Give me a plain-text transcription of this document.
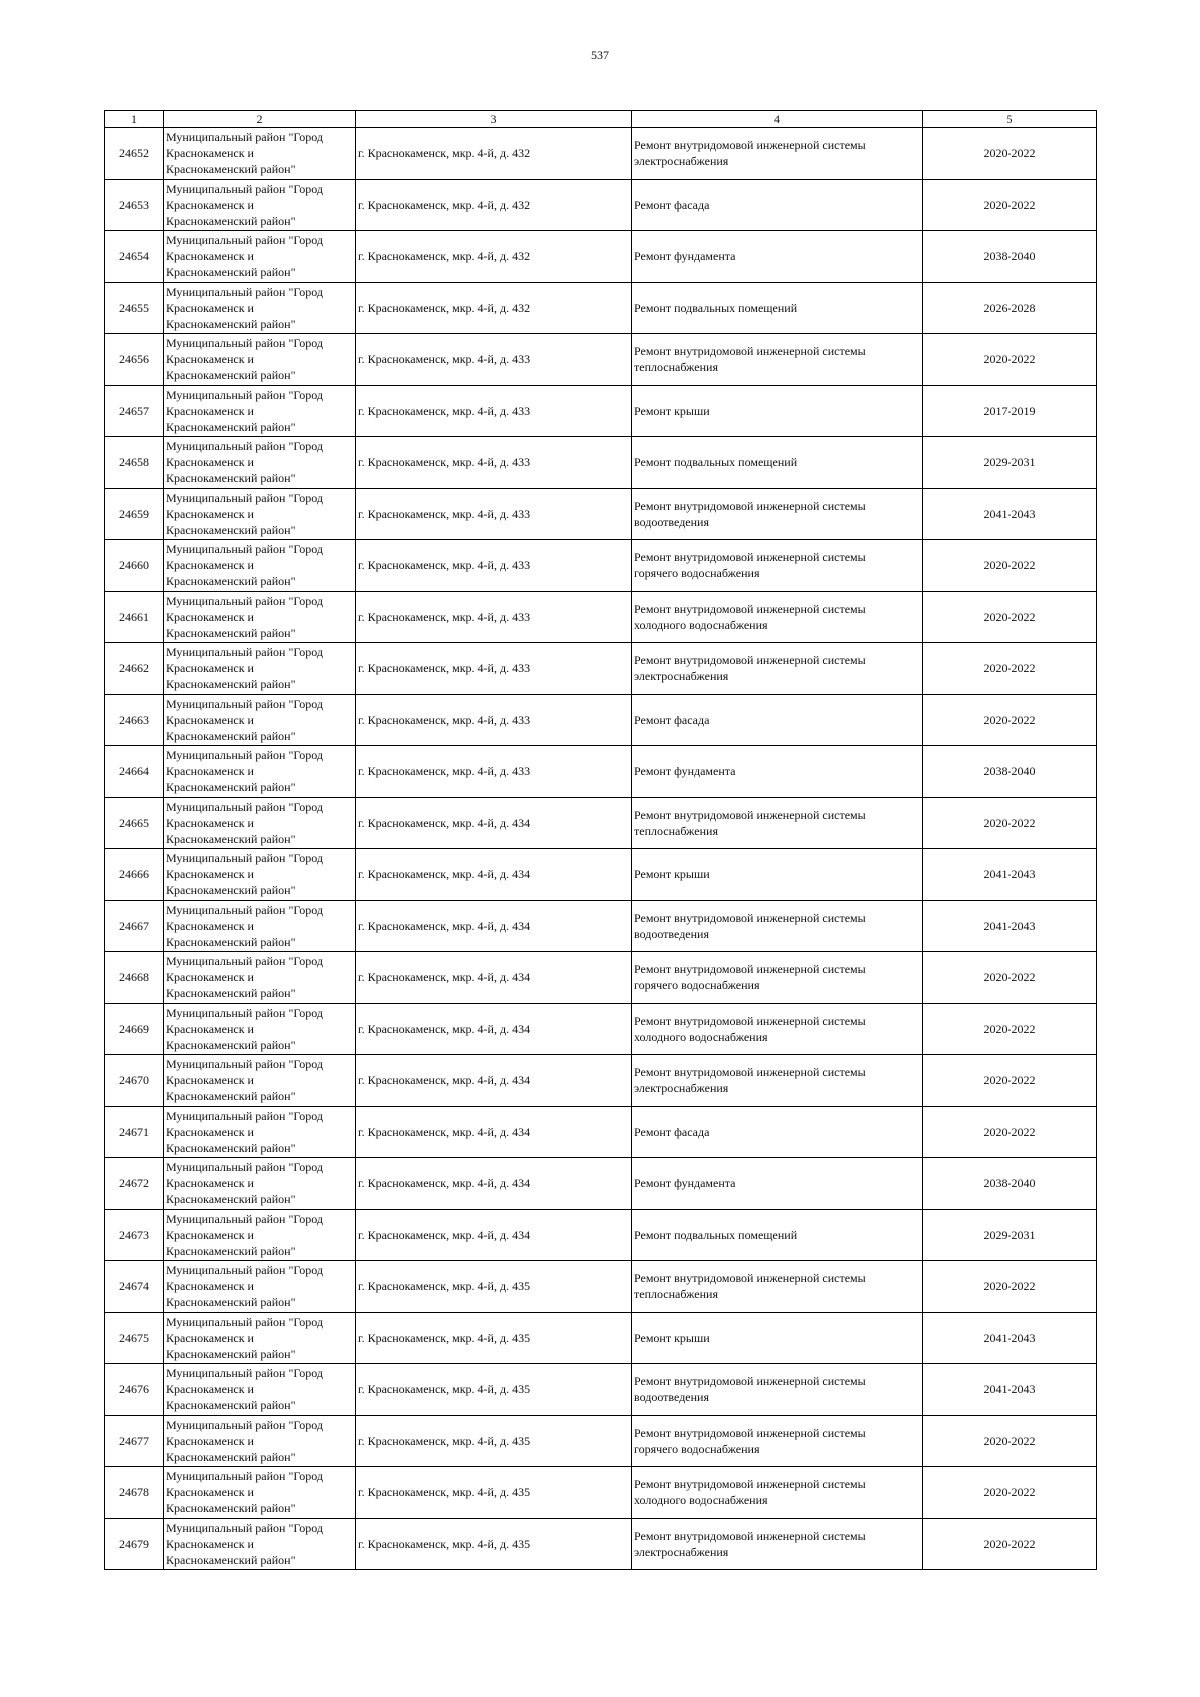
537
1	2	3	4	5
24652	Муниципальный район "Город
Краснокаменск и
Краснокаменский район"	г. Краснокаменск, мкр. 4-й, д. 432	Ремонт внутридомовой инженерной системы
электроснабжения	2020-2022
24653	Муниципальный район "Город
Краснокаменск и
Краснокаменский район"	г. Краснокаменск, мкр. 4-й, д. 432	Ремонт фасада	2020-2022
24654	Муниципальный район "Город
Краснокаменск и
Краснокаменский район"	г. Краснокаменск, мкр. 4-й, д. 432	Ремонт фундамента	2038-2040
24655	Муниципальный район "Город
Краснокаменск и
Краснокаменский район"	г. Краснокаменск, мкр. 4-й, д. 432	Ремонт подвальных помещений	2026-2028
24656	Муниципальный район "Город
Краснокаменск и
Краснокаменский район"	г. Краснокаменск, мкр. 4-й, д. 433	Ремонт внутридомовой инженерной системы
теплоснабжения	2020-2022
24657	Муниципальный район "Город
Краснокаменск и
Краснокаменский район"	г. Краснокаменск, мкр. 4-й, д. 433	Ремонт крыши	2017-2019
24658	Муниципальный район "Город
Краснокаменск и
Краснокаменский район"	г. Краснокаменск, мкр. 4-й, д. 433	Ремонт подвальных помещений	2029-2031
24659	Муниципальный район "Город
Краснокаменск и
Краснокаменский район"	г. Краснокаменск, мкр. 4-й, д. 433	Ремонт внутридомовой инженерной системы
водоотведения	2041-2043
24660	Муниципальный район "Город
Краснокаменск и
Краснокаменский район"	г. Краснокаменск, мкр. 4-й, д. 433	Ремонт внутридомовой инженерной системы
горячего водоснабжения	2020-2022
24661	Муниципальный район "Город
Краснокаменск и
Краснокаменский район"	г. Краснокаменск, мкр. 4-й, д. 433	Ремонт внутридомовой инженерной системы
холодного водоснабжения	2020-2022
24662	Муниципальный район "Город
Краснокаменск и
Краснокаменский район"	г. Краснокаменск, мкр. 4-й, д. 433	Ремонт внутридомовой инженерной системы
электроснабжения	2020-2022
24663	Муниципальный район "Город
Краснокаменск и
Краснокаменский район"	г. Краснокаменск, мкр. 4-й, д. 433	Ремонт фасада	2020-2022
24664	Муниципальный район "Город
Краснокаменск и
Краснокаменский район"	г. Краснокаменск, мкр. 4-й, д. 433	Ремонт фундамента	2038-2040
24665	Муниципальный район "Город
Краснокаменск и
Краснокаменский район"	г. Краснокаменск, мкр. 4-й, д. 434	Ремонт внутридомовой инженерной системы
теплоснабжения	2020-2022
24666	Муниципальный район "Город
Краснокаменск и
Краснокаменский район"	г. Краснокаменск, мкр. 4-й, д. 434	Ремонт крыши	2041-2043
24667	Муниципальный район "Город
Краснокаменск и
Краснокаменский район"	г. Краснокаменск, мкр. 4-й, д. 434	Ремонт внутридомовой инженерной системы
водоотведения	2041-2043
24668	Муниципальный район "Город
Краснокаменск и
Краснокаменский район"	г. Краснокаменск, мкр. 4-й, д. 434	Ремонт внутридомовой инженерной системы
горячего водоснабжения	2020-2022
24669	Муниципальный район "Город
Краснокаменск и
Краснокаменский район"	г. Краснокаменск, мкр. 4-й, д. 434	Ремонт внутридомовой инженерной системы
холодного водоснабжения	2020-2022
24670	Муниципальный район "Город
Краснокаменск и
Краснокаменский район"	г. Краснокаменск, мкр. 4-й, д. 434	Ремонт внутридомовой инженерной системы
электроснабжения	2020-2022
24671	Муниципальный район "Город
Краснокаменск и
Краснокаменский район"	г. Краснокаменск, мкр. 4-й, д. 434	Ремонт фасада	2020-2022
24672	Муниципальный район "Город
Краснокаменск и
Краснокаменский район"	г. Краснокаменск, мкр. 4-й, д. 434	Ремонт фундамента	2038-2040
24673	Муниципальный район "Город
Краснокаменск и
Краснокаменский район"	г. Краснокаменск, мкр. 4-й, д. 434	Ремонт подвальных помещений	2029-2031
24674	Муниципальный район "Город
Краснокаменск и
Краснокаменский район"	г. Краснокаменск, мкр. 4-й, д. 435	Ремонт внутридомовой инженерной системы
теплоснабжения	2020-2022
24675	Муниципальный район "Город
Краснокаменск и
Краснокаменский район"	г. Краснокаменск, мкр. 4-й, д. 435	Ремонт крыши	2041-2043
24676	Муниципальный район "Город
Краснокаменск и
Краснокаменский район"	г. Краснокаменск, мкр. 4-й, д. 435	Ремонт внутридомовой инженерной системы
водоотведения	2041-2043
24677	Муниципальный район "Город
Краснокаменск и
Краснокаменский район"	г. Краснокаменск, мкр. 4-й, д. 435	Ремонт внутридомовой инженерной системы
горячего водоснабжения	2020-2022
24678	Муниципальный район "Город
Краснокаменск и
Краснокаменский район"	г. Краснокаменск, мкр. 4-й, д. 435	Ремонт внутридомовой инженерной системы
холодного водоснабжения	2020-2022
24679	Муниципальный район "Город
Краснокаменск и
Краснокаменский район"	г. Краснокаменск, мкр. 4-й, д. 435	Ремонт внутридомовой инженерной системы
электроснабжения	2020-2022
